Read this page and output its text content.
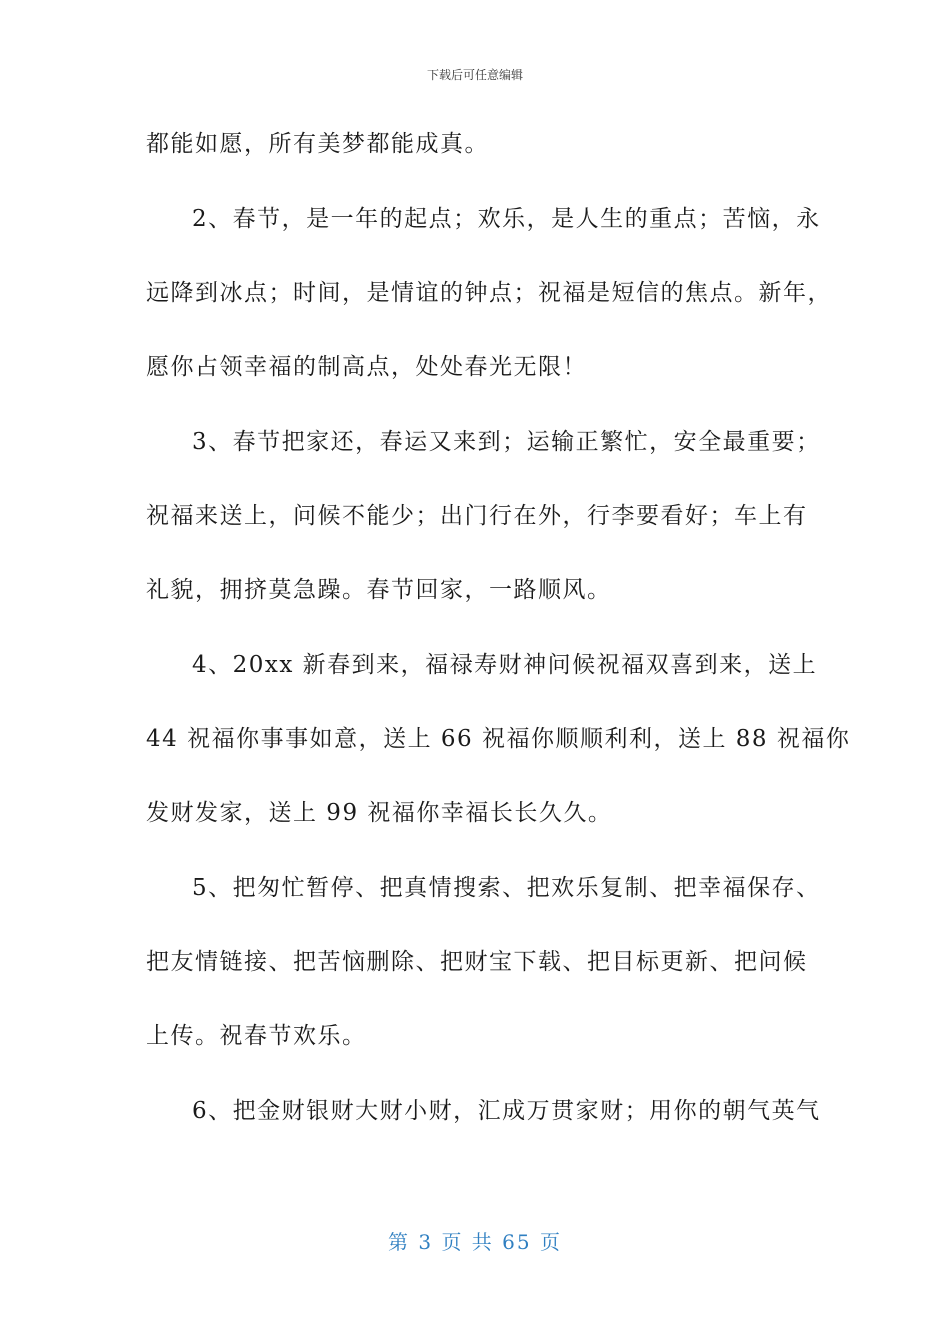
下载后可任意编辑
都能如愿，所有美梦都能成真。
2、春节，是一年的起点；欢乐，是人生的重点；苦恼，永
远降到冰点；时间，是情谊的钟点；祝福是短信的焦点。新年，
愿你占领幸福的制高点，处处春光无限！
3、春节把家还，春运又来到；运输正繁忙，安全最重要；
祝福来送上，问候不能少；出门行在外，行李要看好；车上有
礼貌，拥挤莫急躁。春节回家，一路顺风。
4、20xx 新春到来，福禄寿财神问候祝福双喜到来，送上
44 祝福你事事如意，送上 66 祝福你顺顺利利，送上 88 祝福你
发财发家，送上 99 祝福你幸福长长久久。
5、把匆忙暂停、把真情搜索、把欢乐复制、把幸福保存、
把友情链接、把苦恼删除、把财宝下载、把目标更新、把问候
上传。祝春节欢乐。
6、把金财银财大财小财，汇成万贯家财；用你的朝气英气
第 3 页 共 65 页
